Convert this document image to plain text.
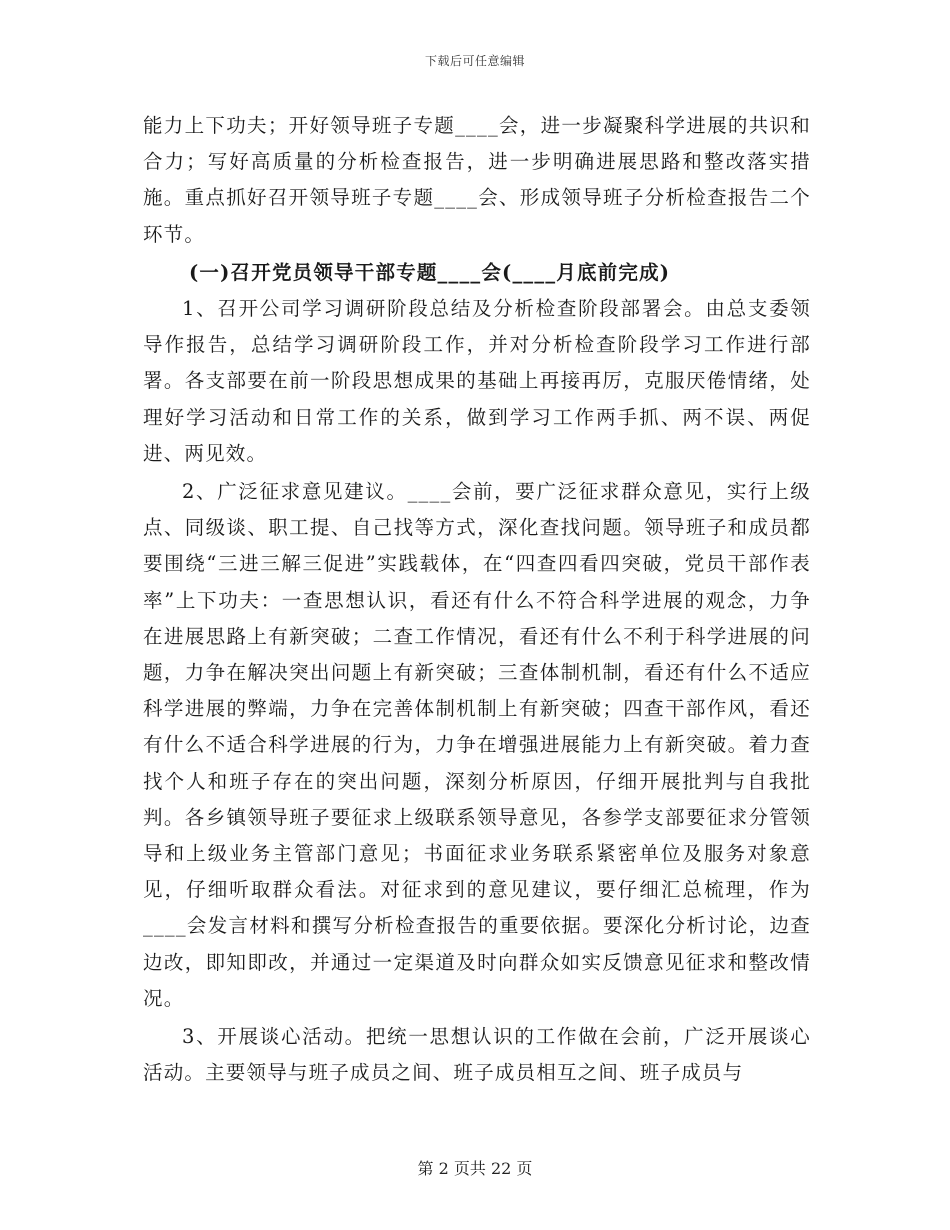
下载后可任意编辑

能力上下功夫；开好领导班子专题____会，进一步凝聚科学进展的共识和合力；写好高质量的分析检查报告，进一步明确进展思路和整改落实措施。重点抓好召开领导班子专题____会、形成领导班子分析检查报告二个环节。

(一)召开党员领导干部专题____会(____月底前完成)

1、召开公司学习调研阶段总结及分析检查阶段部署会。由总支委领导作报告，总结学习调研阶段工作，并对分析检查阶段学习工作进行部署。各支部要在前一阶段思想成果的基础上再接再厉，克服厌倦情绪，处理好学习活动和日常工作的关系，做到学习工作两手抓、两不误、两促进、两见效。

2、广泛征求意见建议。____会前，要广泛征求群众意见，实行上级点、同级谈、职工提、自己找等方式，深化查找问题。领导班子和成员都要围绕“三进三解三促进”实践载体，在“四查四看四突破，党员干部作表率”上下功夫：一查思想认识，看还有什么不符合科学进展的观念，力争在进展思路上有新突破；二查工作情况，看还有什么不利于科学进展的问题，力争在解决突出问题上有新突破；三查体制机制，看还有什么不适应科学进展的弊端，力争在完善体制机制上有新突破；四查干部作风，看还有什么不适合科学进展的行为，力争在增强进展能力上有新突破。着力查找个人和班子存在的突出问题，深刻分析原因，仔细开展批判与自我批判。各乡镇领导班子要征求上级联系领导意见，各参学支部要征求分管领导和上级业务主管部门意见；书面征求业务联系紧密单位及服务对象意见，仔细听取群众看法。对征求到的意见建议，要仔细汇总梳理，作为____会发言材料和撰写分析检查报告的重要依据。要深化分析讨论，边查边改，即知即改，并通过一定渠道及时向群众如实反馈意见征求和整改情况。

3、开展谈心活动。把统一思想认识的工作做在会前，广泛开展谈心活动。主要领导与班子成员之间、班子成员相互之间、班子成员与

第 2 页共 22 页
